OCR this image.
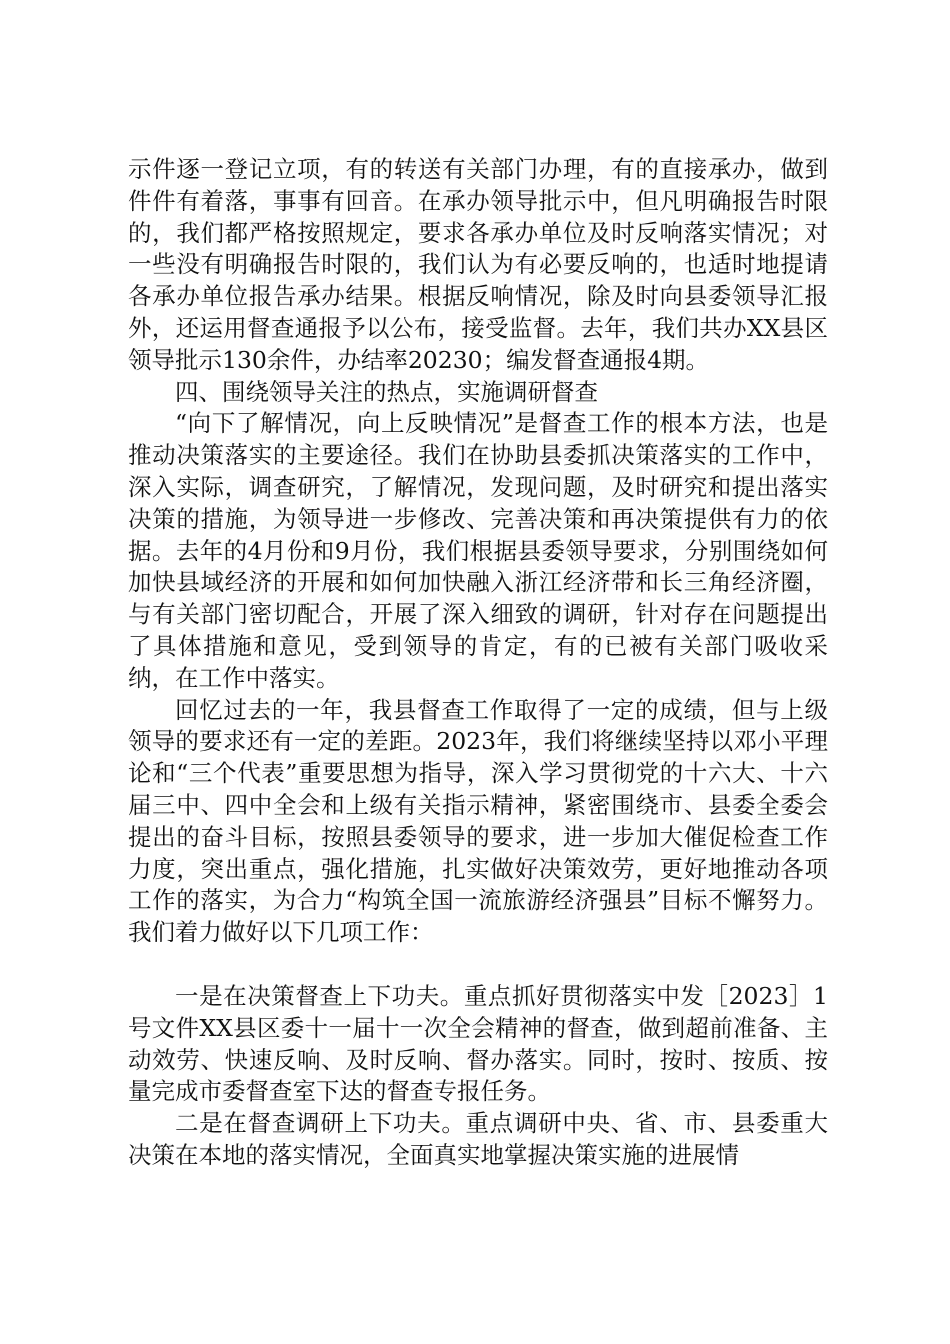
示件逐一登记立项，有的转送有关部门办理，有的直接承办，做到件件有着落，事事有回音。在承办领导批示中，但凡明确报告时限的，我们都严格按照规定，要求各承办单位及时反响落实情况；对一些没有明确报告时限的，我们认为有必要反响的，也适时地提请各承办单位报告承办结果。根据反响情况，除及时向县委领导汇报外，还运用督查通报予以公布，接受监督。去年，我们共办XX县区领导批示130余件，办结率20230；编发督查通报4期。

四、围绕领导关注的热点，实施调研督查

“向下了解情况，向上反映情况”是督查工作的根本方法，也是推动决策落实的主要途径。我们在协助县委抓决策落实的工作中，深入实际，调查研究，了解情况，发现问题，及时研究和提出落实决策的措施，为领导进一步修改、完善决策和再决策提供有力的依据。去年的4月份和9月份，我们根据县委领导要求，分别围绕如何加快县域经济的开展和如何加快融入浙江经济带和长三角经济圈，与有关部门密切配合，开展了深入细致的调研，针对存在问题提出了具体措施和意见，受到领导的肯定，有的已被有关部门吸收采纳，在工作中落实。

回忆过去的一年，我县督查工作取得了一定的成绩，但与上级领导的要求还有一定的差距。2023年，我们将继续坚持以邓小平理论和“三个代表”重要思想为指导，深入学习贯彻党的十六大、十六届三中、四中全会和上级有关指示精神，紧密围绕市、县委全委会提出的奋斗目标，按照县委领导的要求，进一步加大催促检查工作力度，突出重点，强化措施，扎实做好决策效劳，更好地推动各项工作的落实，为合力“构筑全国一流旅游经济强县”目标不懈努力。我们着力做好以下几项工作：

一是在决策督查上下功夫。重点抓好贯彻落实中发［2023］1号文件XX县区委十一届十一次全会精神的督查，做到超前准备、主动效劳、快速反响、及时反响、督办落实。同时，按时、按质、按量完成市委督查室下达的督查专报任务。

二是在督查调研上下功夫。重点调研中央、省、市、县委重大决策在本地的落实情况，全面真实地掌握决策实施的进展情
